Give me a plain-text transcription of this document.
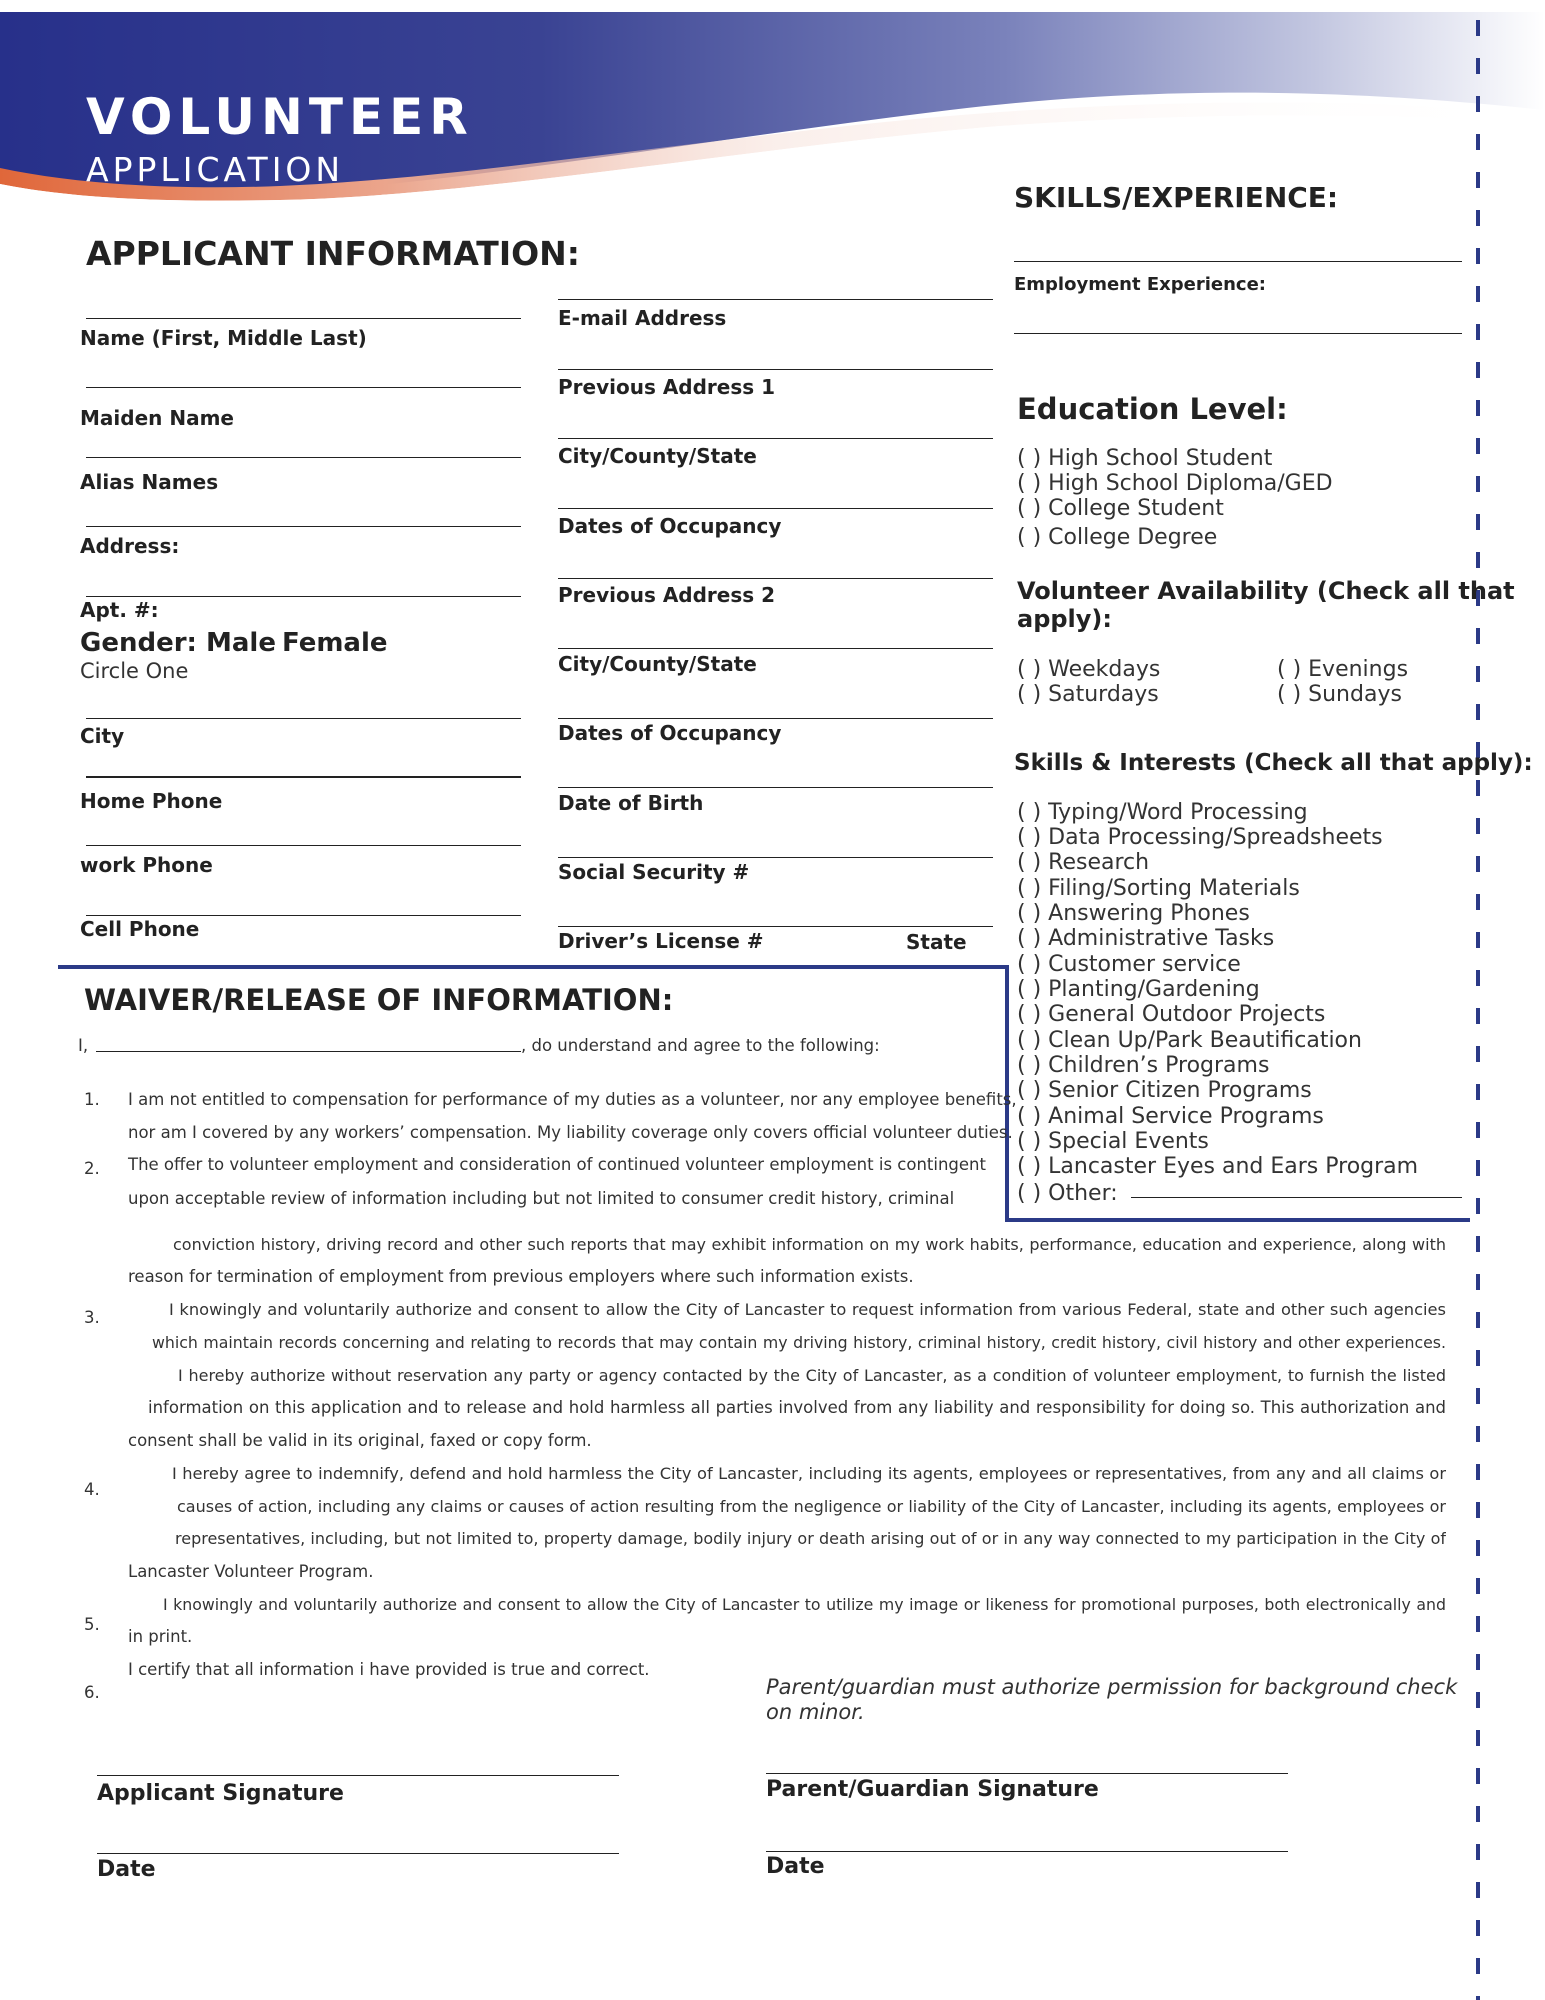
VOLUNTEER
APPLICATION
APPLICANT INFORMATION:
Name (First, Middle Last)
Maiden Name
Alias Names
Address:
Apt. #:
Gender: Male Female
Circle One
City
Home Phone
work Phone
Cell Phone
E-mail Address
Previous Address 1
City/County/State
Dates of Occupancy
Previous Address 2
City/County/State
Dates of Occupancy
Date of Birth
Social Security #
Driver’s License #	State
SKILLS/EXPERIENCE:
Employment Experience:
Education Level:
( ) High School Student
( ) High School Diploma/GED
( ) College Student
( ) College Degree
Volunteer Availability (Check all that
apply):
( ) Weekdays
( ) Saturdays
( ) Evenings
( ) Sundays
Skills & Interests (Check all that apply):
( ) Typing/Word Processing
( ) Data Processing/Spreadsheets
( ) Research
( ) Filing/Sorting Materials
( ) Answering Phones
( ) Administrative Tasks
( ) Customer service
( ) Planting/Gardening
( ) General Outdoor Projects
( ) Clean Up/Park Beautification
( ) Children’s Programs
( ) Senior Citizen Programs
( ) Animal Service Programs
( ) Special Events
( ) Lancaster Eyes and Ears Program
( ) Other:
WAIVER/RELEASE OF INFORMATION:
I,	, do understand and agree to the following:
1.
2.
3.
4.
5.
6.
I am not entitled to compensation for performance of my duties as a volunteer, nor any employee benefits,
nor am I covered by any workers’ compensation. My liability coverage only covers official volunteer duties.
The offer to volunteer employment and consideration of continued volunteer employment is contingent
upon acceptable review of information including but not limited to consumer credit history, criminal
conviction history, driving record and other such reports that may exhibit information on my work habits, performance, education and experience, along with
reason for termination of employment from previous employers where such information exists.
I knowingly and voluntarily authorize and consent to allow the City of Lancaster to request information from various Federal, state and other such agencies
which maintain records concerning and relating to records that may contain my driving history, criminal history, credit history, civil history and other experiences.
I hereby authorize without reservation any party or agency contacted by the City of Lancaster, as a condition of volunteer employment, to furnish the listed
information on this application and to release and hold harmless all parties involved from any liability and responsibility for doing so. This authorization and
consent shall be valid in its original, faxed or copy form.
I hereby agree to indemnify, defend and hold harmless the City of Lancaster, including its agents, employees or representatives, from any and all claims or
causes of action, including any claims or causes of action resulting from the negligence or liability of the City of Lancaster, including its agents, employees or
representatives, including, but not limited to, property damage, bodily injury or death arising out of or in any way connected to my participation in the City of
Lancaster Volunteer Program.
I knowingly and voluntarily authorize and consent to allow the City of Lancaster to utilize my image or likeness for promotional purposes, both electronically and
in print.
I certify that all information i have provided is true and correct.
Parent/guardian must authorize permission for background check
on minor.
Applicant Signature
Date
Parent/Guardian Signature
Date
